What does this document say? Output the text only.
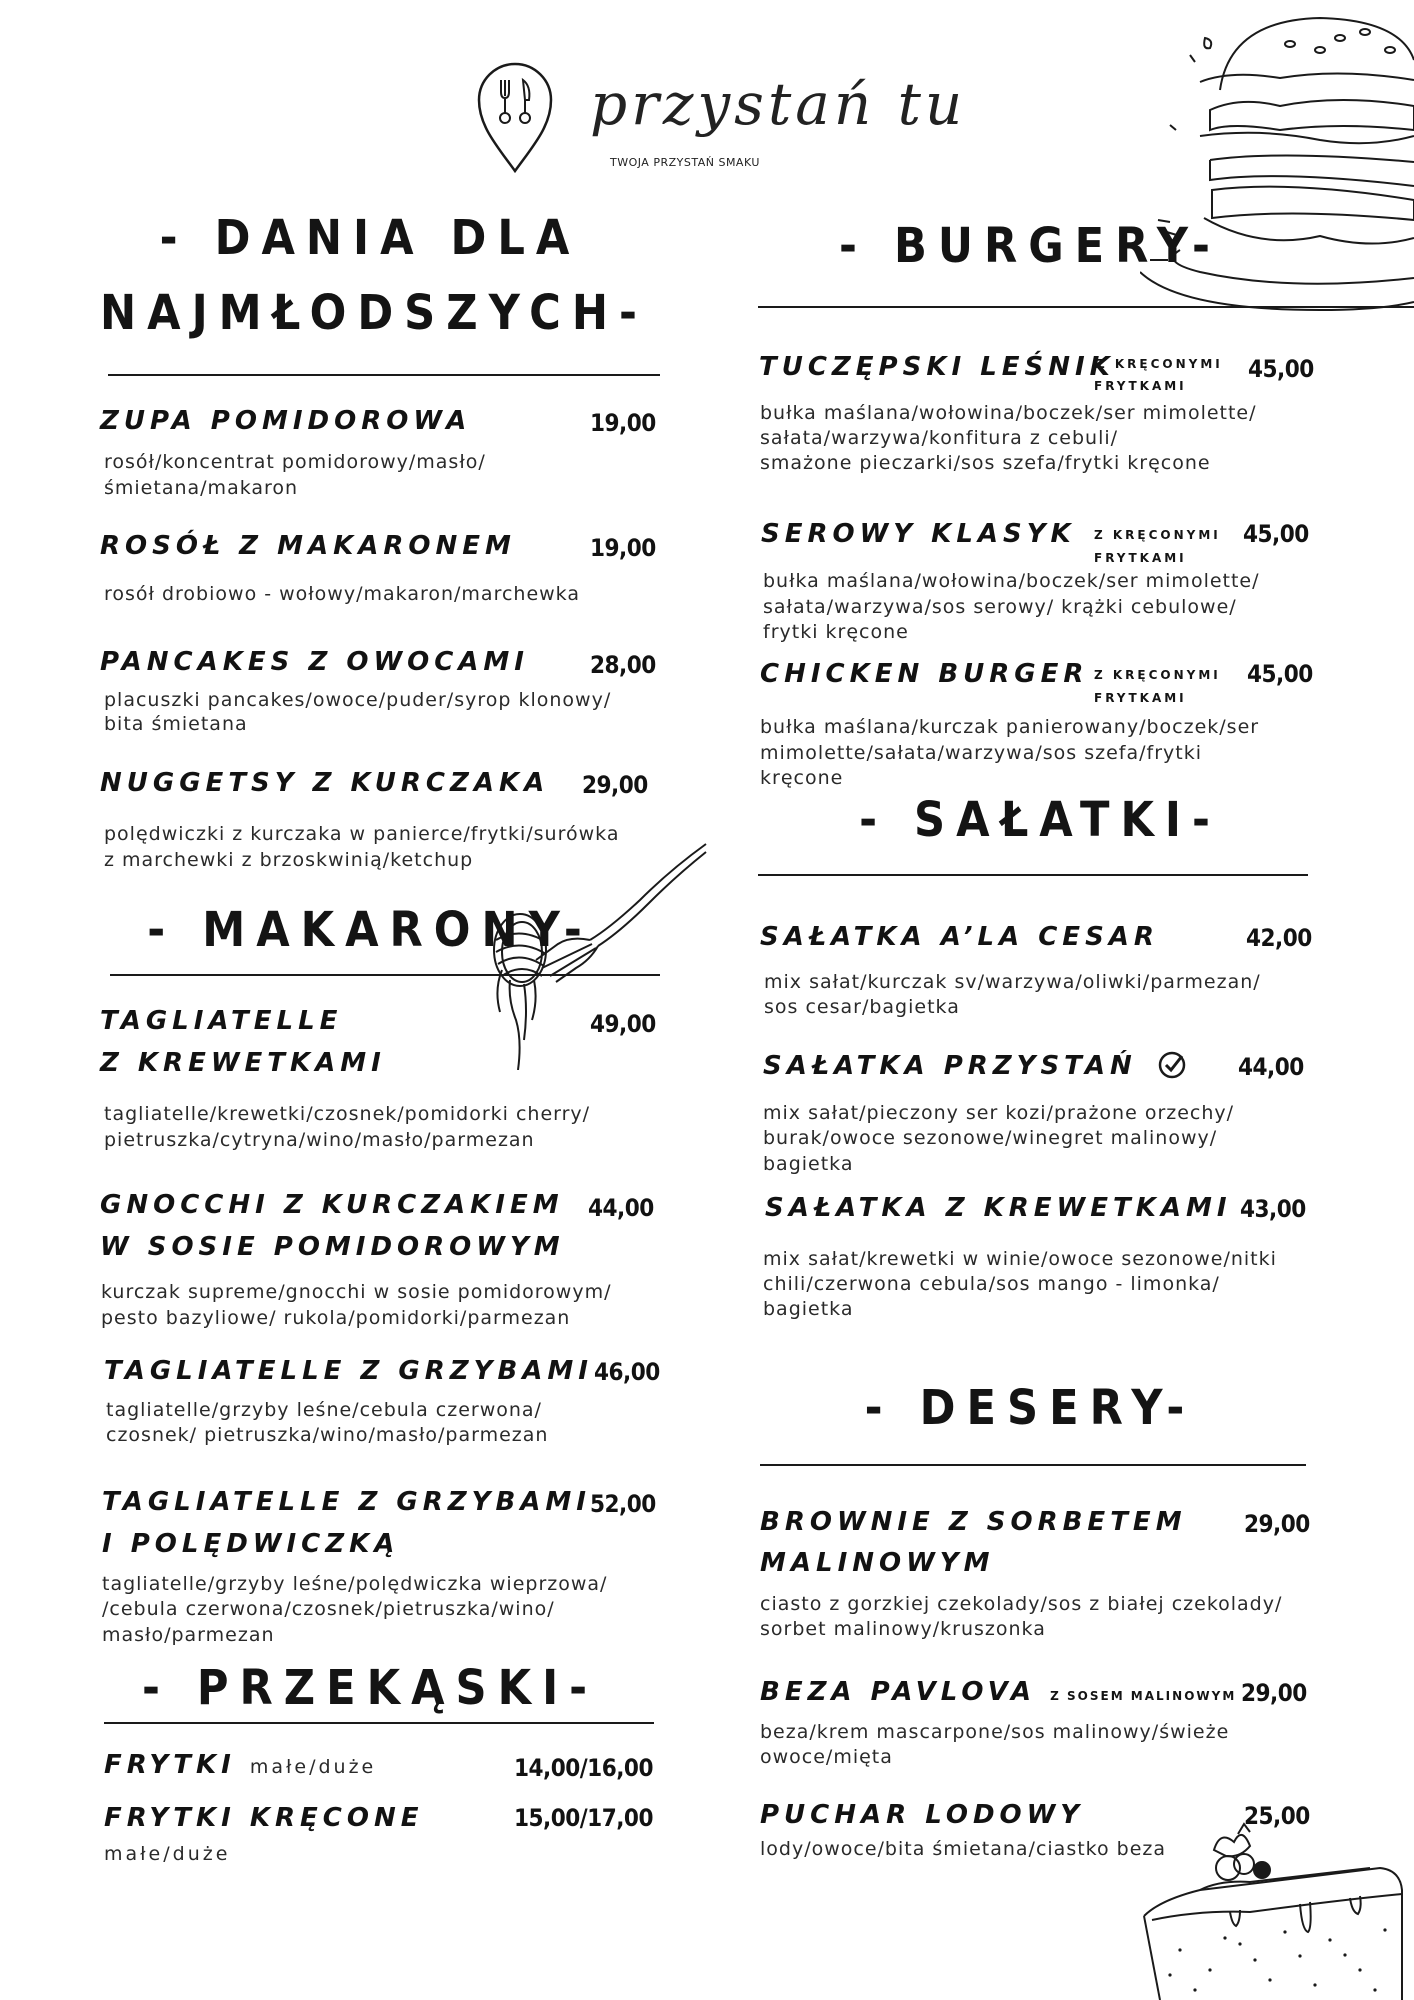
przystań tu
TWOJA PRZYSTAŃ SMAKU
- DANIA DLA
NAJMŁODSZYCH-
ZUPA POMIDOROWA	19,00
rosół/koncentrat pomidorowy/masło/
śmietana/makaron
ROSÓŁ Z MAKARONEM	19,00
rosół drobiowo - wołowy/makaron/marchewka
PANCAKES Z OWOCAMI	28,00
placuszki pancakes/owoce/puder/syrop klonowy/
bita śmietana
NUGGETSY Z KURCZAKA 29,00
polędwiczki z kurczaka w panierce/frytki/surówka
z marchewki z brzoskwinią/ketchup
- MAKARONY-
TAGLIATELLE
Z KREWETKAMI
49,00
tagliatelle/krewetki/czosnek/pomidorki cherry/
pietruszka/cytryna/wino/masło/parmezan
GNOCCHI Z KURCZAKIEM
W SOSIE POMIDOROWYM
44,00
kurczak supreme/gnocchi w sosie pomidorowym/
pesto bazyliowe/ rukola/pomidorki/parmezan
TAGLIATELLE Z GRZYBAMI 46,00
tagliatelle/grzyby leśne/cebula czerwona/
czosnek/ pietruszka/wino/masło/parmezan
TAGLIATELLE Z GRZYBAMI
I POLĘDWICZKĄ
52,00
tagliatelle/grzyby leśne/polędwiczka wieprzowa/
/cebula czerwona/czosnek/pietruszka/wino/
masło/parmezan
- PRZEKĄSKI-
FRYTKI małe/duże	14,00/16,00
FRYTKI KRĘCONE	15,00/17,00
małe/duże
- BURGERY-
TUCZĘPSKI LEŚNIK
Z KRĘCONYMI
FRYTKAMI
45,00
bułka maślana/wołowina/boczek/ser mimolette/
sałata/warzywa/konfitura z cebuli/
smażone pieczarki/sos szefa/frytki kręcone
SEROWY KLASYK Z KRĘCONYMI
FRYTKAMI
45,00
bułka maślana/wołowina/boczek/ser mimolette/
sałata/warzywa/sos serowy/ krążki cebulowe/
frytki kręcone
CHICKEN BURGER Z KRĘCONYMI
FRYTKAMI
45,00
bułka maślana/kurczak panierowany/boczek/ser
mimolette/sałata/warzywa/sos szefa/frytki
kręcone
- SAŁATKI-
SAŁATKA A’LA CESAR	42,00
mix sałat/kurczak sv/warzywa/oliwki/parmezan/
sos cesar/bagietka
SAŁATKA PRZYSTAŃ	44,00
mix sałat/pieczony ser kozi/prażone orzechy/
burak/owoce sezonowe/winegret malinowy/
bagietka
SAŁATKA Z KREWETKAMI 43,00
mix sałat/krewetki w winie/owoce sezonowe/nitki
chili/czerwona cebula/sos mango - limonka/
bagietka
- DESERY-
BROWNIE Z SORBETEM
MALINOWYM
29,00
ciasto z gorzkiej czekolady/sos z białej czekolady/
sorbet malinowy/kruszonka
BEZA PAVLOVA Z SOSEM MALINOWYM 29,00
beza/krem mascarpone/sos malinowy/świeże
owoce/mięta
PUCHAR LODOWY	25,00
lody/owoce/bita śmietana/ciastko beza
